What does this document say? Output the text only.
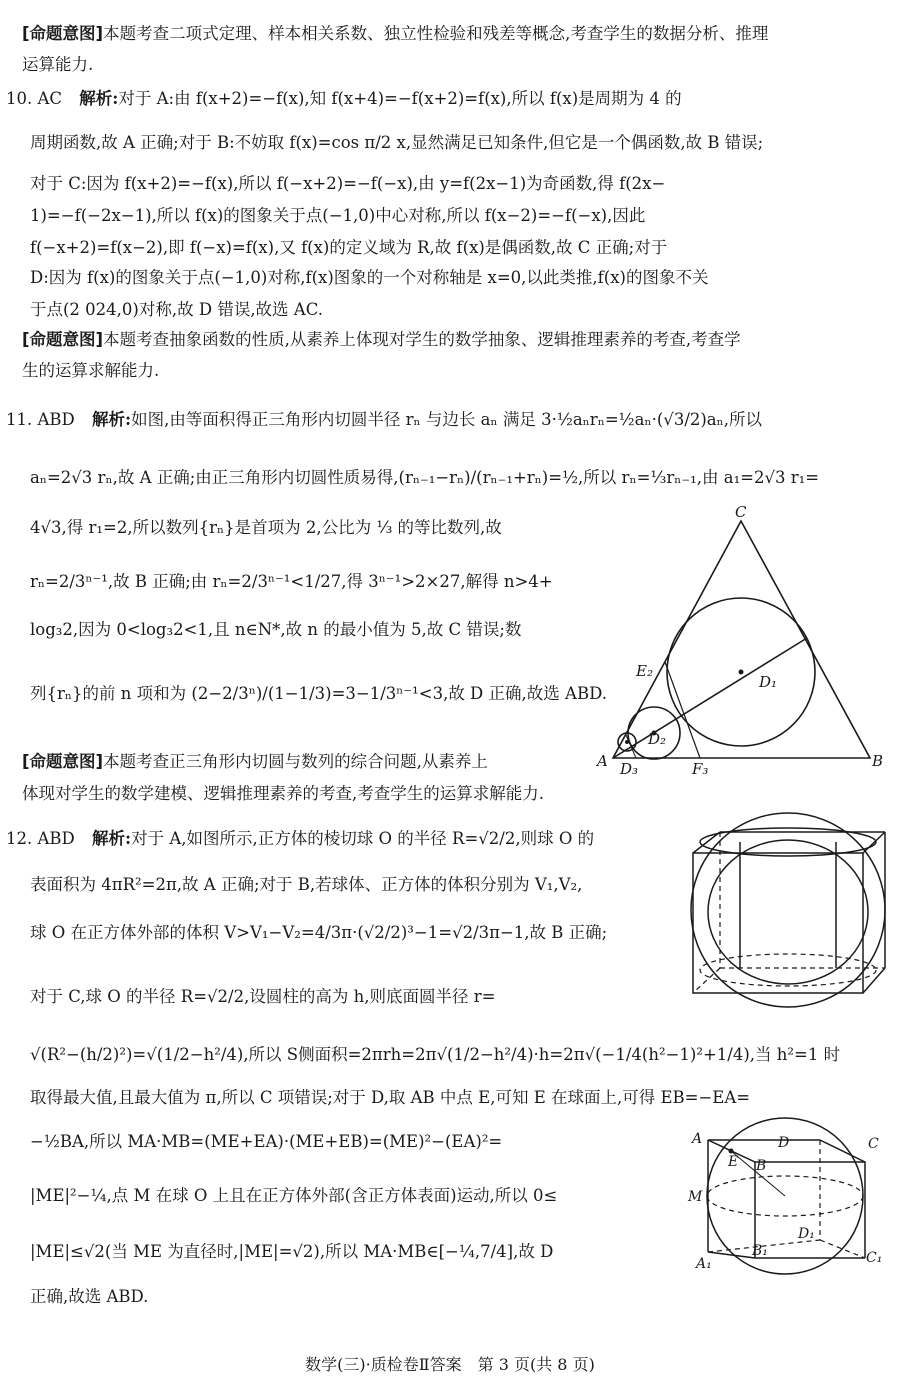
[命题意图]本题考查二项式定理、样本相关系数、独立性检验和残差等概念,考查学生的数据分析、推理
运算能力.
10. AC 解析:对于 A:由 f(x+2)=−f(x),知 f(x+4)=−f(x+2)=f(x),所以 f(x)是周期为 4 的
周期函数,故 A 正确;对于 B:不妨取 f(x)=cos π/2 x,显然满足已知条件,但它是一个偶函数,故 B 错误;
对于 C:因为 f(x+2)=−f(x),所以 f(−x+2)=−f(−x),由 y=f(2x−1)为奇函数,得 f(2x−
1)=−f(−2x−1),所以 f(x)的图象关于点(−1,0)中心对称,所以 f(x−2)=−f(−x),因此
f(−x+2)=f(x−2),即 f(−x)=f(x),又 f(x)的定义域为 R,故 f(x)是偶函数,故 C 正确;对于
D:因为 f(x)的图象关于点(−1,0)对称,f(x)图象的一个对称轴是 x=0,以此类推,f(x)的图象不关
于点(2 024,0)对称,故 D 错误,故选 AC.
[命题意图]本题考查抽象函数的性质,从素养上体现对学生的数学抽象、逻辑推理素养的考查,考查学
生的运算求解能力.
11. ABD 解析:如图,由等面积得正三角形内切圆半径 rₙ 与边长 aₙ 满足 3·½aₙrₙ=½aₙ·(√3/2)aₙ,所以
aₙ=2√3 rₙ,故 A 正确;由正三角形内切圆性质易得,(rₙ₋₁−rₙ)/(rₙ₋₁+rₙ)=½,所以 rₙ=⅓rₙ₋₁,由 a₁=2√3 r₁=
4√3,得 r₁=2,所以数列{rₙ}是首项为 2,公比为 ⅓ 的等比数列,故
rₙ=2/3ⁿ⁻¹,故 B 正确;由 rₙ=2/3ⁿ⁻¹<1/27,得 3ⁿ⁻¹>2×27,解得 n>4+
log₃2,因为 0<log₃2<1,且 n∈N*,故 n 的最小值为 5,故 C 错误;数
列{rₙ}的前 n 项和为 (2−2/3ⁿ)/(1−1/3)=3−1/3ⁿ⁻¹<3,故 D 正确,故选 ABD.
[命题意图]本题考查正三角形内切圆与数列的综合问题,从素养上
体现对学生的数学建模、逻辑推理素养的考查,考查学生的运算求解能力.
C
A	B
E₂
D₁
D₂
D₃	F₃
12. ABD 解析:对于 A,如图所示,正方体的棱切球 O 的半径 R=√2/2,则球 O 的
表面积为 4πR²=2π,故 A 正确;对于 B,若球体、正方体的体积分别为 V₁,V₂,
球 O 在正方体外部的体积 V>V₁−V₂=4/3π·(√2/2)³−1=√2/3π−1,故 B 正确;
对于 C,球 O 的半径 R=√2/2,设圆柱的高为 h,则底面圆半径 r=
√(R²−(h/2)²)=√(1/2−h²/4),所以 S侧面积=2πrh=2π√(1/2−h²/4)·h=2π√(−1/4(h²−1)²+1/4),当 h²=1 时
取得最大值,且最大值为 π,所以 C 项错误;对于 D,取 AB 中点 E,可知 E 在球面上,可得 EB=−EA=
−½BA,所以 MA·MB=(ME+EA)·(ME+EB)=(ME)²−(EA)²=
|ME|²−¼,点 M 在球 O 上且在正方体外部(含正方体表面)运动,所以 0≤
|ME|≤√2(当 ME 为直径时,|ME|=√2),所以 MA·MB∈[−¼,7/4],故 D
正确,故选 ABD.
A	D	C
E B
M
D₁
A₁
B₁	C₁
数学(三)·质检卷Ⅱ答案　第 3 页(共 8 页)
